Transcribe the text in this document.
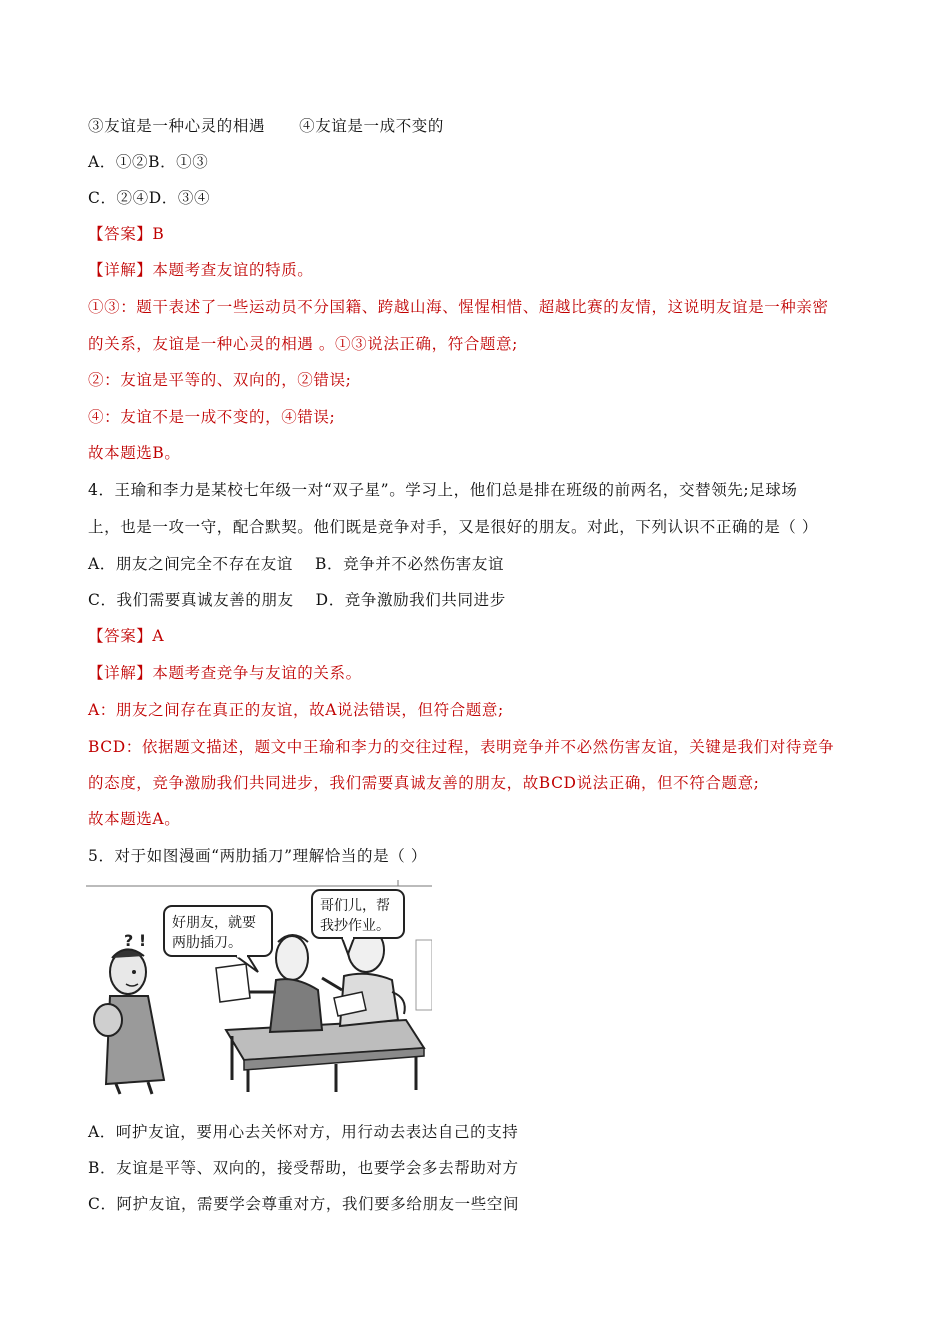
③友谊是一种心灵的相遇 ④友谊是一成不变的
A．①②B．①③
C．②④D．③④
【答案】B
【详解】本题考查友谊的特质。
①③：题干表述了一些运动员不分国籍、跨越山海、惺惺相惜、超越比赛的友情，这说明友谊是一种亲密
的关系，友谊是一种心灵的相遇 。①③说法正确，符合题意;
②：友谊是平等的、双向的，②错误;
④：友谊不是一成不变的，④错误;
故本题选B。
4．王瑜和李力是某校七年级一对“双子星”。学习上，他们总是排在班级的前两名，交替领先;足球场
上，也是一攻一守，配合默契。他们既是竞争对手，又是很好的朋友。对此，下列认识不正确的是（ ）
A．朋友之间完全不存在友谊 B．竞争并不必然伤害友谊
C．我们需要真诚友善的朋友 D．竞争激励我们共同进步
【答案】A
【详解】本题考查竞争与友谊的关系。
A：朋友之间存在真正的友谊，故A说法错误，但符合题意;
BCD：依据题文描述，题文中王瑜和李力的交往过程，表明竞争并不必然伤害友谊，关键是我们对待竞争
的态度，竞争激励我们共同进步，我们需要真诚友善的朋友，故BCD说法正确，但不符合题意;
故本题选A。
5．对于如图漫画“两肋插刀”理解恰当的是（ ）
? !
好朋友，就要
两肋插刀。
哥们儿，帮
我抄作业。
A．呵护友谊，要用心去关怀对方，用行动去表达自己的支持
B．友谊是平等、双向的，接受帮助，也要学会多去帮助对方
C．阿护友谊，需要学会尊重对方，我们要多给朋友一些空间
